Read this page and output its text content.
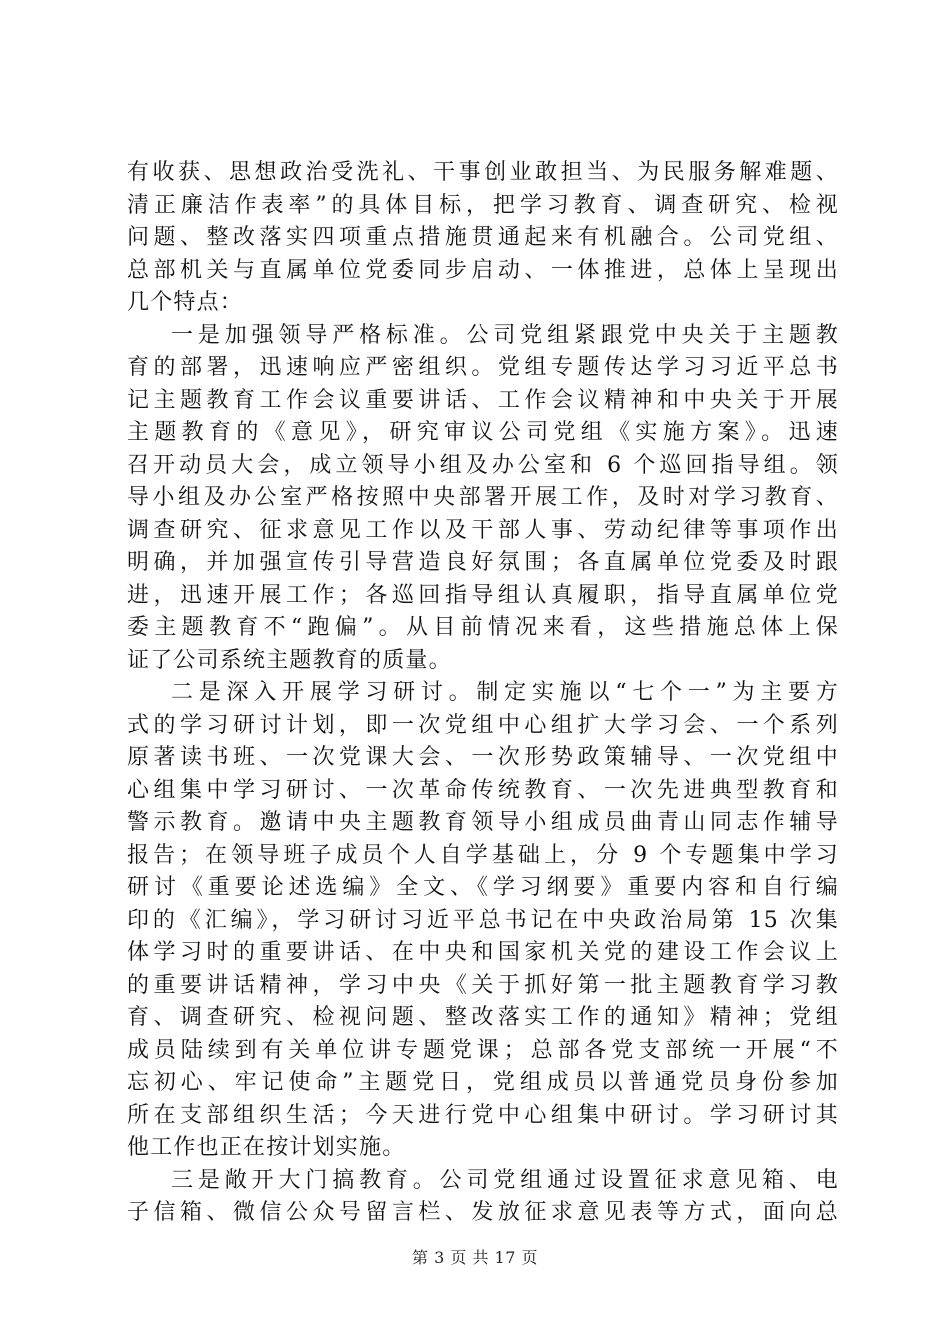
有收获、思想政治受洗礼、干事创业敢担当、为民服务解难题、
清正廉洁作表率”的具体目标，把学习教育、调查研究、检视
问题、整改落实四项重点措施贯通起来有机融合。公司党组、
总部机关与直属单位党委同步启动、一体推进，总体上呈现出
几个特点：
一是加强领导严格标准。公司党组紧跟党中央关于主题教
育的部署，迅速响应严密组织。党组专题传达学习习近平总书
记主题教育工作会议重要讲话、工作会议精神和中央关于开展
主题教育的《意见》，研究审议公司党组《实施方案》。迅速
召开动员大会，成立领导小组及办公室和 6 个巡回指导组。领
导小组及办公室严格按照中央部署开展工作，及时对学习教育、
调查研究、征求意见工作以及干部人事、劳动纪律等事项作出
明确，并加强宣传引导营造良好氛围；各直属单位党委及时跟
进，迅速开展工作；各巡回指导组认真履职，指导直属单位党
委主题教育不“跑偏”。从目前情况来看，这些措施总体上保
证了公司系统主题教育的质量。
二是深入开展学习研讨。制定实施以“七个一”为主要方
式的学习研讨计划，即一次党组中心组扩大学习会、一个系列
原著读书班、一次党课大会、一次形势政策辅导、一次党组中
心组集中学习研讨、一次革命传统教育、一次先进典型教育和
警示教育。邀请中央主题教育领导小组成员曲青山同志作辅导
报告；在领导班子成员个人自学基础上，分 9 个专题集中学习
研讨《重要论述选编》全文、《学习纲要》重要内容和自行编
印的《汇编》，学习研讨习近平总书记在中央政治局第 15 次集
体学习时的重要讲话、在中央和国家机关党的建设工作会议上
的重要讲话精神，学习中央《关于抓好第一批主题教育学习教
育、调查研究、检视问题、整改落实工作的通知》精神；党组
成员陆续到有关单位讲专题党课；总部各党支部统一开展“不
忘初心、牢记使命”主题党日，党组成员以普通党员身份参加
所在支部组织生活；今天进行党中心组集中研讨。学习研讨其
他工作也正在按计划实施。
三是敞开大门搞教育。公司党组通过设置征求意见箱、电
子信箱、微信公众号留言栏、发放征求意见表等方式，面向总
第 3 页 共 17 页
